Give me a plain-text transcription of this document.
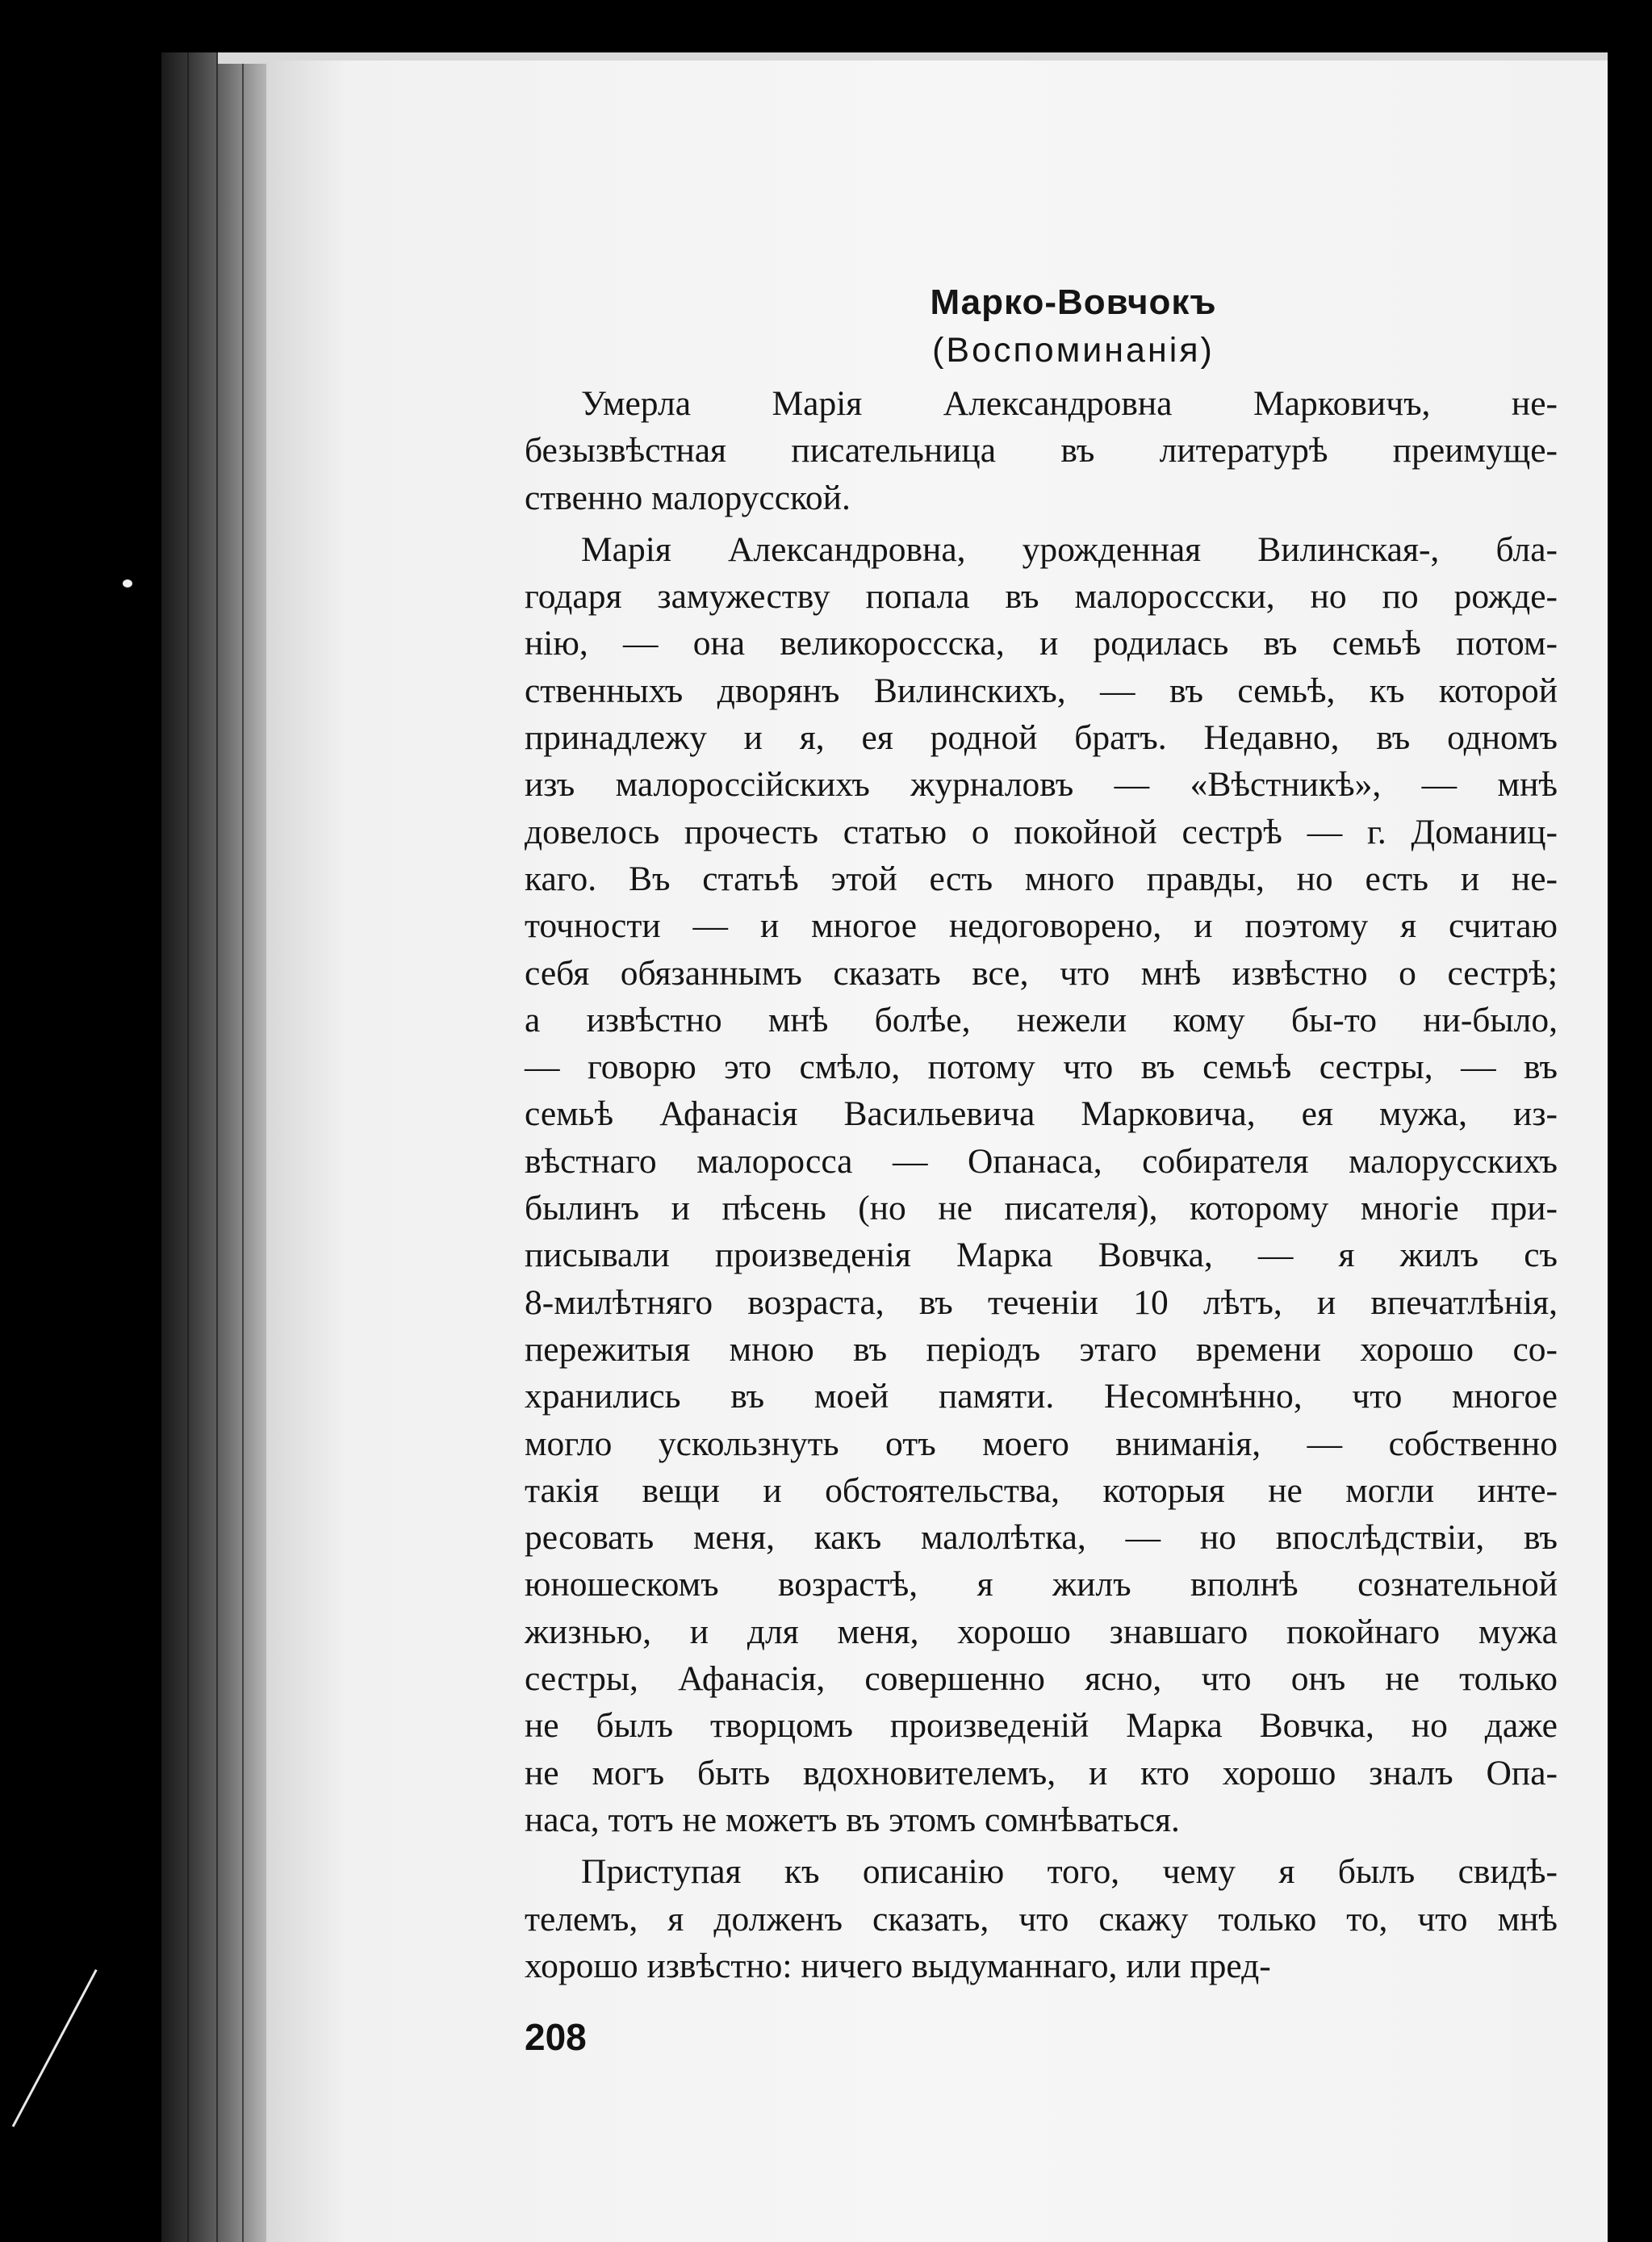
Марко-Вовчокъ
(Воспоминанія)
Умерла Марія Александровна Марковичъ, не-
безызвѣстная писательница въ литературѣ преимуще-
ственно малорусской.
Марія Александровна, урожденная Вилинская-, бла-
годаря замужеству попала въ малороссски, но по рожде-
нію, — она великороссска, и родилась въ семьѣ потом-
ственныхъ дворянъ Вилинскихъ, — въ семьѣ, къ которой
принадлежу и я, ея родной братъ. Недавно, въ одномъ
изъ малороссійскихъ журналовъ — «Вѣстникѣ», — мнѣ
довелось прочесть статью о покойной сестрѣ — г. Доманиц-
каго. Въ статьѣ этой есть много правды, но есть и не-
точности — и многое недоговорено, и поэтому я считаю
себя обязаннымъ сказать все, что мнѣ извѣстно о сестрѣ;
а извѣстно мнѣ болѣе, нежели кому бы-то ни-было,
— говорю это смѣло, потому что въ семьѣ сестры, — въ
семьѣ Афанасія Васильевича Марковича, ея мужа, из-
вѣстнаго малоросса — Опанаса, собирателя малорусскихъ
былинъ и пѣсень (но не писателя), которому многіе при-
писывали произведенія Марка Вовчка, — я жилъ съ
8-милѣтняго возраста, въ теченіи 10 лѣтъ, и впечатлѣнія,
пережитыя мною въ періодъ этаго времени хорошо со-
хранились въ моей памяти. Несомнѣнно, что многое
могло ускользнуть отъ моего вниманія, — собственно
такія вещи и обстоятельства, которыя не могли инте-
ресовать меня, какъ малолѣтка, — но впослѣдствіи, въ
юношескомъ возрастѣ, я жилъ вполнѣ сознательной
жизнью, и для меня, хорошо знавшаго покойнаго мужа
сестры, Афанасія, совершенно ясно, что онъ не только
не былъ творцомъ произведеній Марка Вовчка, но даже
не могъ быть вдохновителемъ, и кто хорошо зналъ Опа-
наса, тотъ не можетъ въ этомъ сомнѣваться.
Приступая къ описанію того, чему я былъ свидѣ-
телемъ, я долженъ сказать, что скажу только то, что мнѣ
хорошо извѣстно: ничего выдуманнаго, или пред-
208
